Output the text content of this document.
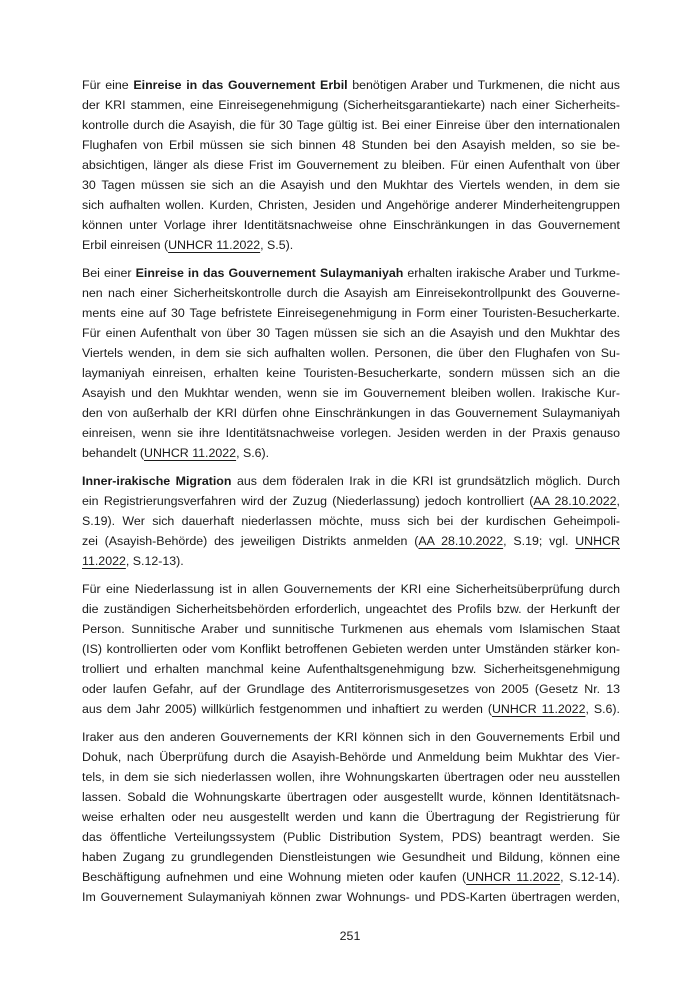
Für eine Einreise in das Gouvernement Erbil benötigen Araber und Turkmenen, die nicht aus
der KRI stammen, eine Einreisegenehmigung (Sicherheitsgarantiekarte) nach einer Sicherheits-
kontrolle durch die Asayish, die für 30 Tage gültig ist. Bei einer Einreise über den internationalen
Flughafen von Erbil müssen sie sich binnen 48 Stunden bei den Asayish melden, so sie be-
absichtigen, länger als diese Frist im Gouvernement zu bleiben. Für einen Aufenthalt von über
30 Tagen müssen sie sich an die Asayish und den Mukhtar des Viertels wenden, in dem sie
sich aufhalten wollen. Kurden, Christen, Jesiden und Angehörige anderer Minderheitengruppen
können unter Vorlage ihrer Identitätsnachweise ohne Einschränkungen in das Gouvernement
Erbil einreisen (UNHCR 11.2022, S.5).
Bei einer Einreise in das Gouvernement Sulaymaniyah erhalten irakische Araber und Turkme-
nen nach einer Sicherheitskontrolle durch die Asayish am Einreisekontrollpunkt des Gouverne-
ments eine auf 30 Tage befristete Einreisegenehmigung in Form einer Touristen-Besucherkarte.
Für einen Aufenthalt von über 30 Tagen müssen sie sich an die Asayish und den Mukhtar des
Viertels wenden, in dem sie sich aufhalten wollen. Personen, die über den Flughafen von Su-
laymaniyah einreisen, erhalten keine Touristen-Besucherkarte, sondern müssen sich an die
Asayish und den Mukhtar wenden, wenn sie im Gouvernement bleiben wollen. Irakische Kur-
den von außerhalb der KRI dürfen ohne Einschränkungen in das Gouvernement Sulaymaniyah
einreisen, wenn sie ihre Identitätsnachweise vorlegen. Jesiden werden in der Praxis genauso
behandelt (UNHCR 11.2022, S.6).
Inner-irakische Migration aus dem föderalen Irak in die KRI ist grundsätzlich möglich. Durch
ein Registrierungsverfahren wird der Zuzug (Niederlassung) jedoch kontrolliert (AA 28.10.2022,
S.19). Wer sich dauerhaft niederlassen möchte, muss sich bei der kurdischen Geheimpoli-
zei (Asayish-Behörde) des jeweiligen Distrikts anmelden (AA 28.10.2022, S.19; vgl. UNHCR
11.2022, S.12-13).
Für eine Niederlassung ist in allen Gouvernements der KRI eine Sicherheitsüberprüfung durch
die zuständigen Sicherheitsbehörden erforderlich, ungeachtet des Profils bzw. der Herkunft der
Person. Sunnitische Araber und sunnitische Turkmenen aus ehemals vom Islamischen Staat
(IS) kontrollierten oder vom Konflikt betroffenen Gebieten werden unter Umständen stärker kon-
trolliert und erhalten manchmal keine Aufenthaltsgenehmigung bzw. Sicherheitsgenehmigung
oder laufen Gefahr, auf der Grundlage des Antiterrorismusgesetzes von 2005 (Gesetz Nr. 13
aus dem Jahr 2005) willkürlich festgenommen und inhaftiert zu werden (UNHCR 11.2022, S.6).
Iraker aus den anderen Gouvernements der KRI können sich in den Gouvernements Erbil und
Dohuk, nach Überprüfung durch die Asayish-Behörde und Anmeldung beim Mukhtar des Vier-
tels, in dem sie sich niederlassen wollen, ihre Wohnungskarten übertragen oder neu ausstellen
lassen. Sobald die Wohnungskarte übertragen oder ausgestellt wurde, können Identitätsnach-
weise erhalten oder neu ausgestellt werden und kann die Übertragung der Registrierung für
das öffentliche Verteilungssystem (Public Distribution System, PDS) beantragt werden. Sie
haben Zugang zu grundlegenden Dienstleistungen wie Gesundheit und Bildung, können eine
Beschäftigung aufnehmen und eine Wohnung mieten oder kaufen (UNHCR 11.2022, S.12-14).
Im Gouvernement Sulaymaniyah können zwar Wohnungs- und PDS-Karten übertragen werden,
251
